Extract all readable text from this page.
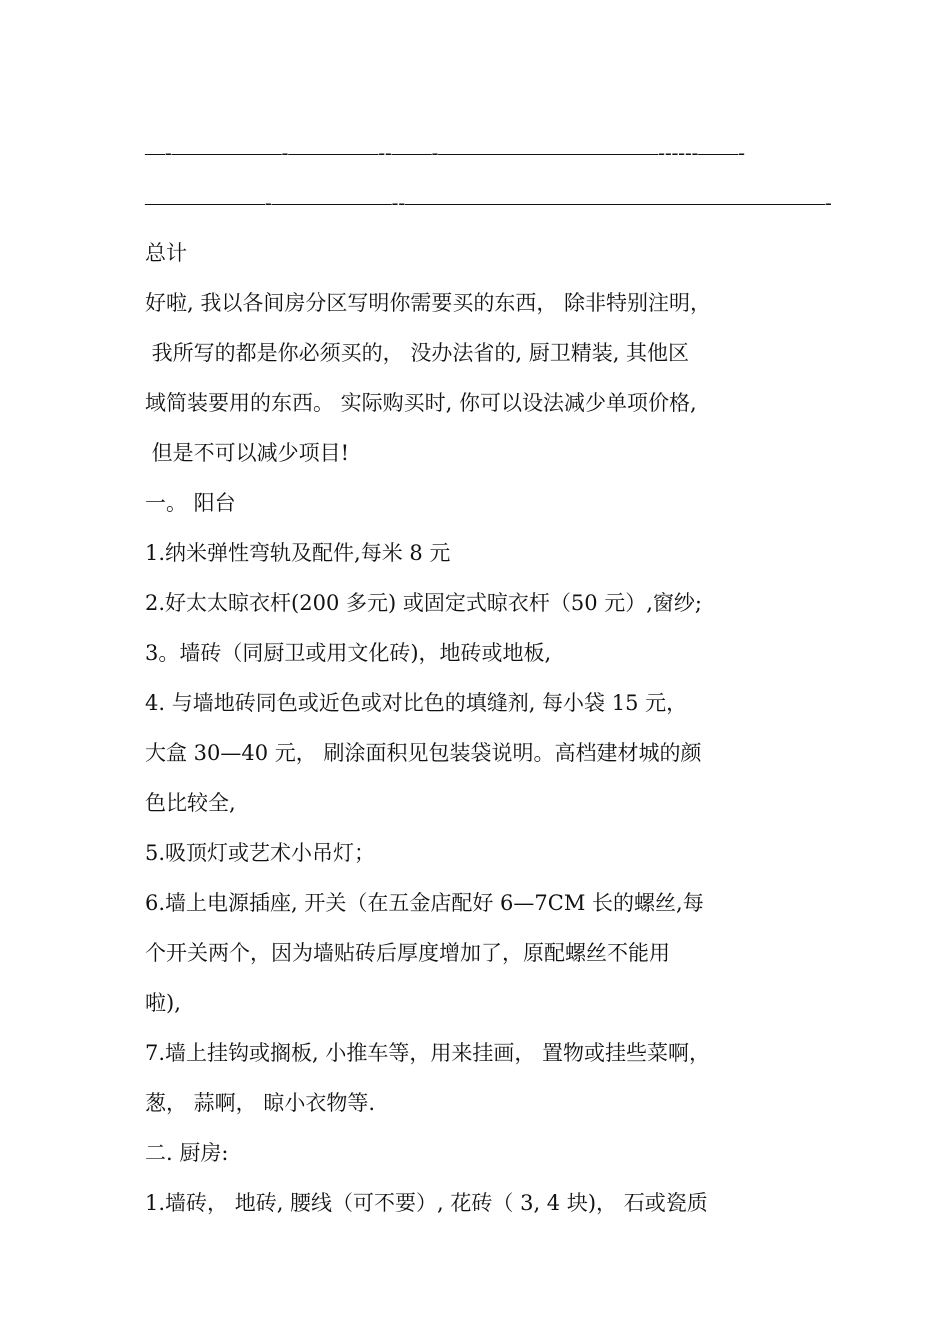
—-———–——-——–——--——-———————————------——-
——————-——————--—————————————————————-
总计
好啦, 我以各间房分区写明你需要买的东西， 除非特别注明，
我所写的都是你必须买的， 没办法省的, 厨卫精装, 其他区
域简装要用的东西。 实际购买时, 你可以设法减少单项价格,
但是不可以减少项目!
一。 阳台
1.纳米弹性弯轨及配件,每米 8 元
2.好太太晾衣杆(200 多元) 或固定式晾衣杆（50 元）,窗纱;
3。墙砖（同厨卫或用文化砖)，地砖或地板,
4. 与墙地砖同色或近色或对比色的填缝剂, 每小袋 15 元，
大盒 30—40 元， 刷涂面积见包装袋说明。高档建材城的颜
色比较全,
5.吸顶灯或艺术小吊灯；
6.墙上电源插座, 开关（在五金店配好 6—7CM 长的螺丝,每
个开关两个，因为墙贴砖后厚度增加了，原配螺丝不能用
啦),
7.墙上挂钩或搁板, 小推车等，用来挂画， 置物或挂些菜啊，
葱， 蒜啊， 晾小衣物等.
二. 厨房:
1.墙砖， 地砖, 腰线（可不要）, 花砖（ 3, 4 块)， 石或瓷质
